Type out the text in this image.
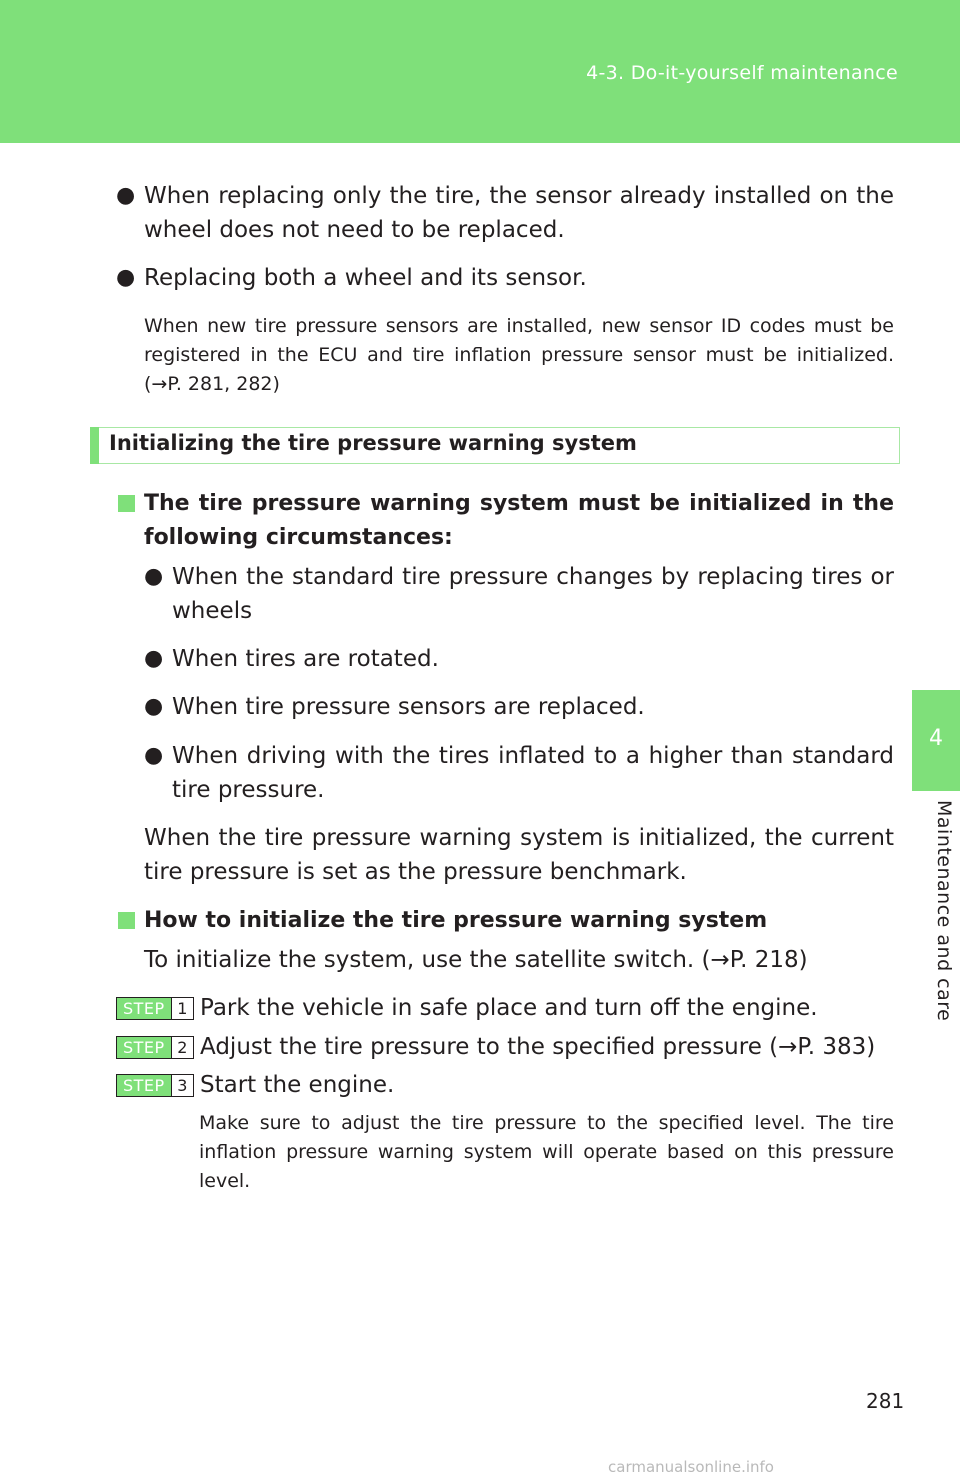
4-3. Do-it-yourself maintenance
4
Maintenance and care
● When replacing only the tire, the sensor already installed on the wheel does not need to be replaced.
● Replacing both a wheel and its sensor.
When new tire pressure sensors are installed, new sensor ID codes must be registered in the ECU and tire inflation pressure sensor must be initialized. (→P. 281, 282)
Initializing the tire pressure warning system
The tire pressure warning system must be initialized in the following circumstances:
● When the standard tire pressure changes by replacing tires or wheels
● When tires are rotated.
● When tire pressure sensors are replaced.
● When driving with the tires inflated to a higher than standard tire pressure.
When the tire pressure warning system is initialized, the current tire pressure is set as the pressure benchmark.
How to initialize the tire pressure warning system
To initialize the system, use the satellite switch. (→P. 218)
STEP 1 Park the vehicle in safe place and turn off the engine.
STEP 2 Adjust the tire pressure to the specified pressure (→P. 383)
STEP 3 Start the engine.
Make sure to adjust the tire pressure to the specified level. The tire inflation pressure warning system will operate based on this pressure level.
281
carmanualsonline.info
